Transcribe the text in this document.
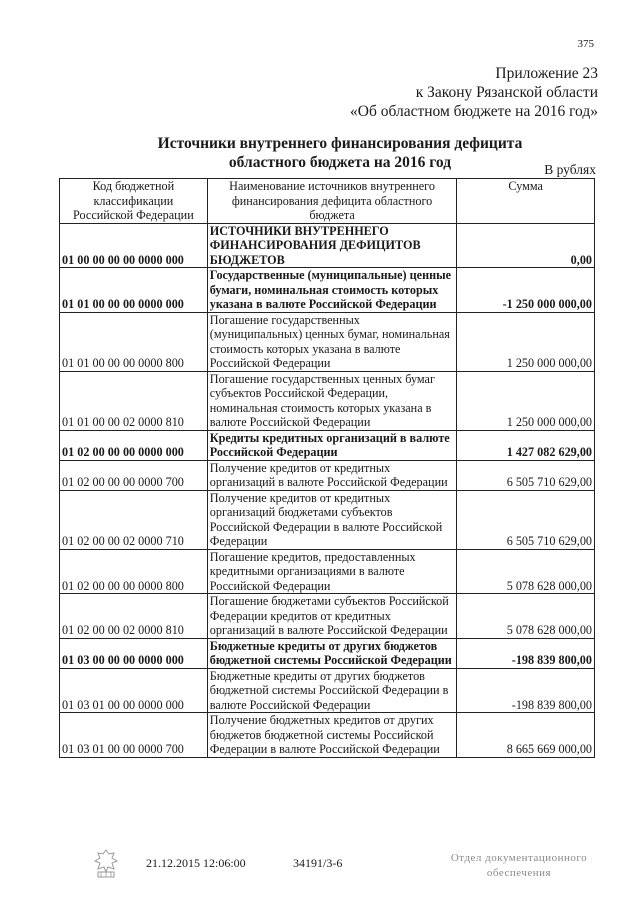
375
Приложение 23
к Закону Рязанской области
«Об областном бюджете на 2016 год»
Источники внутреннего финансирования дефицита
областного бюджета на 2016 год	В рублях
Код бюджетной классификации Российской Федерации	Наименование источников внутреннего финансирования дефицита областного бюджета	Сумма
01 00 00 00 00 0000 000	ИСТОЧНИКИ ВНУТРЕННЕГО ФИНАНСИРОВАНИЯ ДЕФИЦИТОВ БЮДЖЕТОВ	0,00
01 01 00 00 00 0000 000	Государственные (муниципальные) ценные бумаги, номинальная стоимость которых указана в валюте Российской Федерации	-1 250 000 000,00
01 01 00 00 00 0000 800	Погашение государственных (муниципальных) ценных бумаг, номинальная стоимость которых указана в валюте Российской Федерации	1 250 000 000,00
01 01 00 00 02 0000 810	Погашение государственных ценных бумаг субъектов Российской Федерации, номинальная стоимость которых указана в валюте Российской Федерации	1 250 000 000,00
01 02 00 00 00 0000 000	Кредиты кредитных организаций в валюте Российской Федерации	1 427 082 629,00
01 02 00 00 00 0000 700	Получение кредитов от кредитных организаций в валюте Российской Федерации	6 505 710 629,00
01 02 00 00 02 0000 710	Получение кредитов от кредитных организаций бюджетами субъектов Российской Федерации в валюте Российской Федерации	6 505 710 629,00
01 02 00 00 00 0000 800	Погашение кредитов, предоставленных кредитными организациями в валюте Российской Федерации	5 078 628 000,00
01 02 00 00 02 0000 810	Погашение бюджетами субъектов Российской Федерации кредитов от кредитных организаций в валюте Российской Федерации	5 078 628 000,00
01 03 00 00 00 0000 000	Бюджетные кредиты от других бюджетов бюджетной системы Российской Федерации	-198 839 800,00
01 03 01 00 00 0000 000	Бюджетные кредиты от других бюджетов бюджетной системы Российской Федерации в валюте Российской Федерации	-198 839 800,00
01 03 01 00 00 0000 700	Получение бюджетных кредитов от других бюджетов бюджетной системы Российской Федерации в валюте Российской Федерации	8 665 669 000,00
21.12.2015 12:06:00	34191/3-6	Отдел документационного обеспечения
